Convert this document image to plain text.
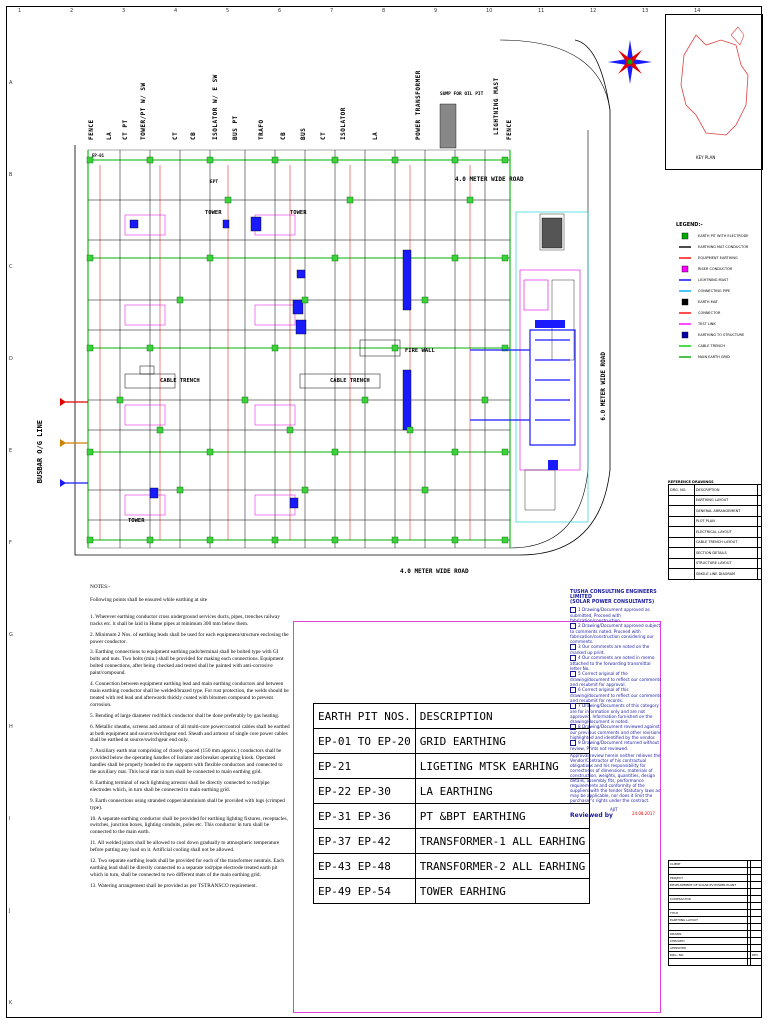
1	2	3	4	5	6	7	8	9	10	11	12	13	14
A
B
C
D
E
F
G
H
I
J
K
FENCE LA CT PT TOWER/PT W/ SW	CT CB	ISOLATOR W/ E SW BUS PT	TRAFO	CB BUS CT ISOLATOR	LA	POWER TRANSFORMER	LIGHTNING MAST FENCE
4.0 METER WIDE ROAD
6.0 METER WIDE ROAD
4.0 METER WIDE ROAD
BUSBAR O/G LINE
CABLE TRENCH	CABLE TRENCH
FIRE WALL
TOWER	TOWER
TOWER
SUMP FOR OIL PIT
EPT
EP-01	KEY PLAN
LEGEND:-
EARTH PIT WITH ELECTRODE
EARTHING MAT CONDUCTOR
EQUIPMENT EARTHING
RISER CONDUCTOR
LIGHTNING MAST
CONNECTING PIPE
EARTH MAT
CONNECTOR
TEST LINK
EARTHING TO STRUCTURE
CABLE TRENCH
MAIN EARTH GRID
REFERENCE DRAWINGS
DRG. NO.	DESCRIPTION	
	EARTHING LAYOUT	
	GENERAL ARRANGEMENT	
	PLOT PLAN	
	ELECTRICAL LAYOUT	
	CABLE TRENCH LAYOUT	
	SECTION DETAILS	
	STRUCTURE LAYOUT	
	SINGLE LINE DIAGRAM	
NOTES:-

Following points shall be ensured while earthing at site

1. Wherever earthing conductor cross underground services ducts, pipes, trenches railway tracks etc. it shall be laid in Hume pipes at minimum 300 mm below them.

2. Minimum 2 Nos. of earthing leads shall be used for each equipment/structure enclosing the power conductor.

3. Earthing connections to equipment earthing pads/terminal shall be bolted type with GI bolts and nuts. Two bolts (min.) shall be provided for making each connections. Equipment bolted connections, after being checked and tested shall be painted with anti-corrosive paint/compound.

4. Connection between equipment earthing lead and main earthing conductors and between main earthing conductor shall be welded/brazed type. For rust protection, the welds should be treated with red lead and afterwards thickly coated with bitumen compound to prevent corrosion.

5. Bending of large diameter rod/thick conductor shall be done preferably by gas heating.

6. Metallic sheaths, screens and armour of all multi-core power/control cables shall be earthed at both equipment and source/switchgear end. Sheath and armour of single core power cables shall be earthed at source/switchgear end only.

7. Auxiliary earth mat comprising of closely spaced (150 mm approx.) conductors shall be provided below the operating handles of Isolator and breaker operating kiosk. Operated handles shall be properly bonded to the supports with flexible conductors and connected to the auxiliary mat. This local mat in turn shall be connected to main earthing grid.

8. Earthing terminal of each lightning arrestor shall be directly connected to rod/pipe electrodes which, in turn shall be connected to main earthing grid.

9. Earth connections using stranded copper/aluminium shall be provided with lugs (crimped type).

10. A separate earthing conductor shall be provided for earthing lighting fixtures, receptacles, switches, junction boxes, lighting conduits, poles etc. This conductor in turn shall be connected to the main earth.

11. All welded joints shall be allowed to cool down gradually to atmospheric temperature before putting any load on it. Artificial cooling shall not be allowed.

12. Two separate earthing leads shall be provided for each of the transformer neutrals. Each earthing lead shall be directly connected to a separate rod/pipe electrode treated earth pit which in turn, shall be connected to two different mats of the main earthing grid.

13. Watering arrangement shall be provided as per TSTRANSCO requirement.

EARTH PIT NOS.	DESCRIPTION
EP-01 TO EP-20	GRID EARTHING
EP-21	LIGETING MTSK EARHING
EP-22 EP-30	LA EARTHING
EP-31 EP-36	PT &BPT EARTHING
EP-37 EP-42	TRANSFORMER-1 ALL EARHING
EP-43 EP-48	TRANSFORMER-2 ALL EARHING
EP-49 EP-54	TOWER EARHING
TUSHA CONSULTING ENGINEERS LIMITED
(SOLAR POWER CONSULTANTS)
1 Drawing/Document approved as submitted, Proceed with fabrication/construction.
2 Drawing/Document approved subject to comments noted. Proceed with fabrication/construction considering our comments.
3 Our comments are noted on the marked up print.
4 Our comments are noted in memo attached to the forwarding transmittal letter No.
5 Correct original of the drawing/document to reflect our comments and resubmit for approval.
6 Correct original of this drawing/document to reflect our comments and resubmit for records.
7 Drawing/Documents of this category are for information only and are not approved. Information furnished on the drawing/document is noted.
8 Drawing/Document reviewed against our previous comments and other revisions highlighted and identified by the vendor.
9 Drawing/Document returned without review, Prints not reviewed.
Approval/review herein neither relieves the Vendor/Contractor of his contractual obligations and his responsibility for correctness of dimensions, materials of construction, weights, quantities, design details, assembly fits, performance requirements and conformity of the suppliers with the tender Statutory laws as may be applicable, nor does it limit the purchaser's rights under the contract.
Reviewed by
AJIT
24.08.2017
CLIENT		

PROJECT		
DEVELOPMENT OF SOLAR PV POWER PLANT		

CONTRACTOR		

TITLE		
EARTHING LAYOUT		

DRAWN		
CHECKED		
APPROVED		
DRG. NO.		REV.
